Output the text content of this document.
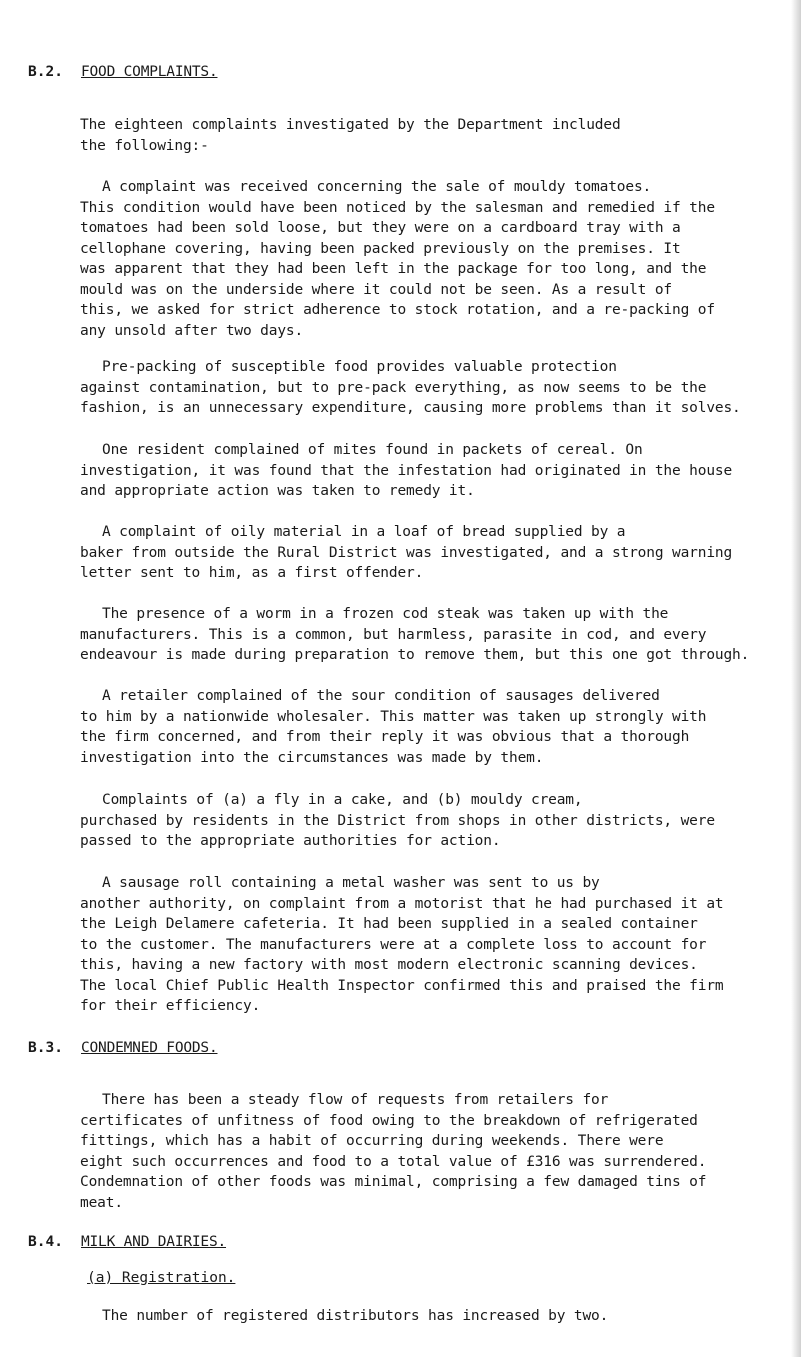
B.2. FOOD COMPLAINTS.
The eighteen complaints investigated by the Department included
the following:-
A complaint was received concerning the sale of mouldy tomatoes.
This condition would have been noticed by the salesman and remedied if the
tomatoes had been sold loose, but they were on a cardboard tray with a
cellophane covering, having been packed previously on the premises. It
was apparent that they had been left in the package for too long, and the
mould was on the underside where it could not be seen. As a result of
this, we asked for strict adherence to stock rotation, and a re-packing of
any unsold after two days.
Pre-packing of susceptible food provides valuable protection
against contamination, but to pre-pack everything, as now seems to be the
fashion, is an unnecessary expenditure, causing more problems than it solves.
One resident complained of mites found in packets of cereal. On
investigation, it was found that the infestation had originated in the house
and appropriate action was taken to remedy it.
A complaint of oily material in a loaf of bread supplied by a
baker from outside the Rural District was investigated, and a strong warning
letter sent to him, as a first offender.
The presence of a worm in a frozen cod steak was taken up with the
manufacturers. This is a common, but harmless, parasite in cod, and every
endeavour is made during preparation to remove them, but this one got through.
A retailer complained of the sour condition of sausages delivered
to him by a nationwide wholesaler. This matter was taken up strongly with
the firm concerned, and from their reply it was obvious that a thorough
investigation into the circumstances was made by them.
Complaints of (a) a fly in a cake, and (b) mouldy cream,
purchased by residents in the District from shops in other districts, were
passed to the appropriate authorities for action.
A sausage roll containing a metal washer was sent to us by
another authority, on complaint from a motorist that he had purchased it at
the Leigh Delamere cafeteria. It had been supplied in a sealed container
to the customer. The manufacturers were at a complete loss to account for
this, having a new factory with most modern electronic scanning devices.
The local Chief Public Health Inspector confirmed this and praised the firm
for their efficiency.
B.3. CONDEMNED FOODS.
There has been a steady flow of requests from retailers for
certificates of unfitness of food owing to the breakdown of refrigerated
fittings, which has a habit of occurring during weekends. There were
eight such occurrences and food to a total value of £316 was surrendered.
Condemnation of other foods was minimal, comprising a few damaged tins of
meat.
B.4. MILK AND DAIRIES.
(a) Registration.
The number of registered distributors has increased by two.
